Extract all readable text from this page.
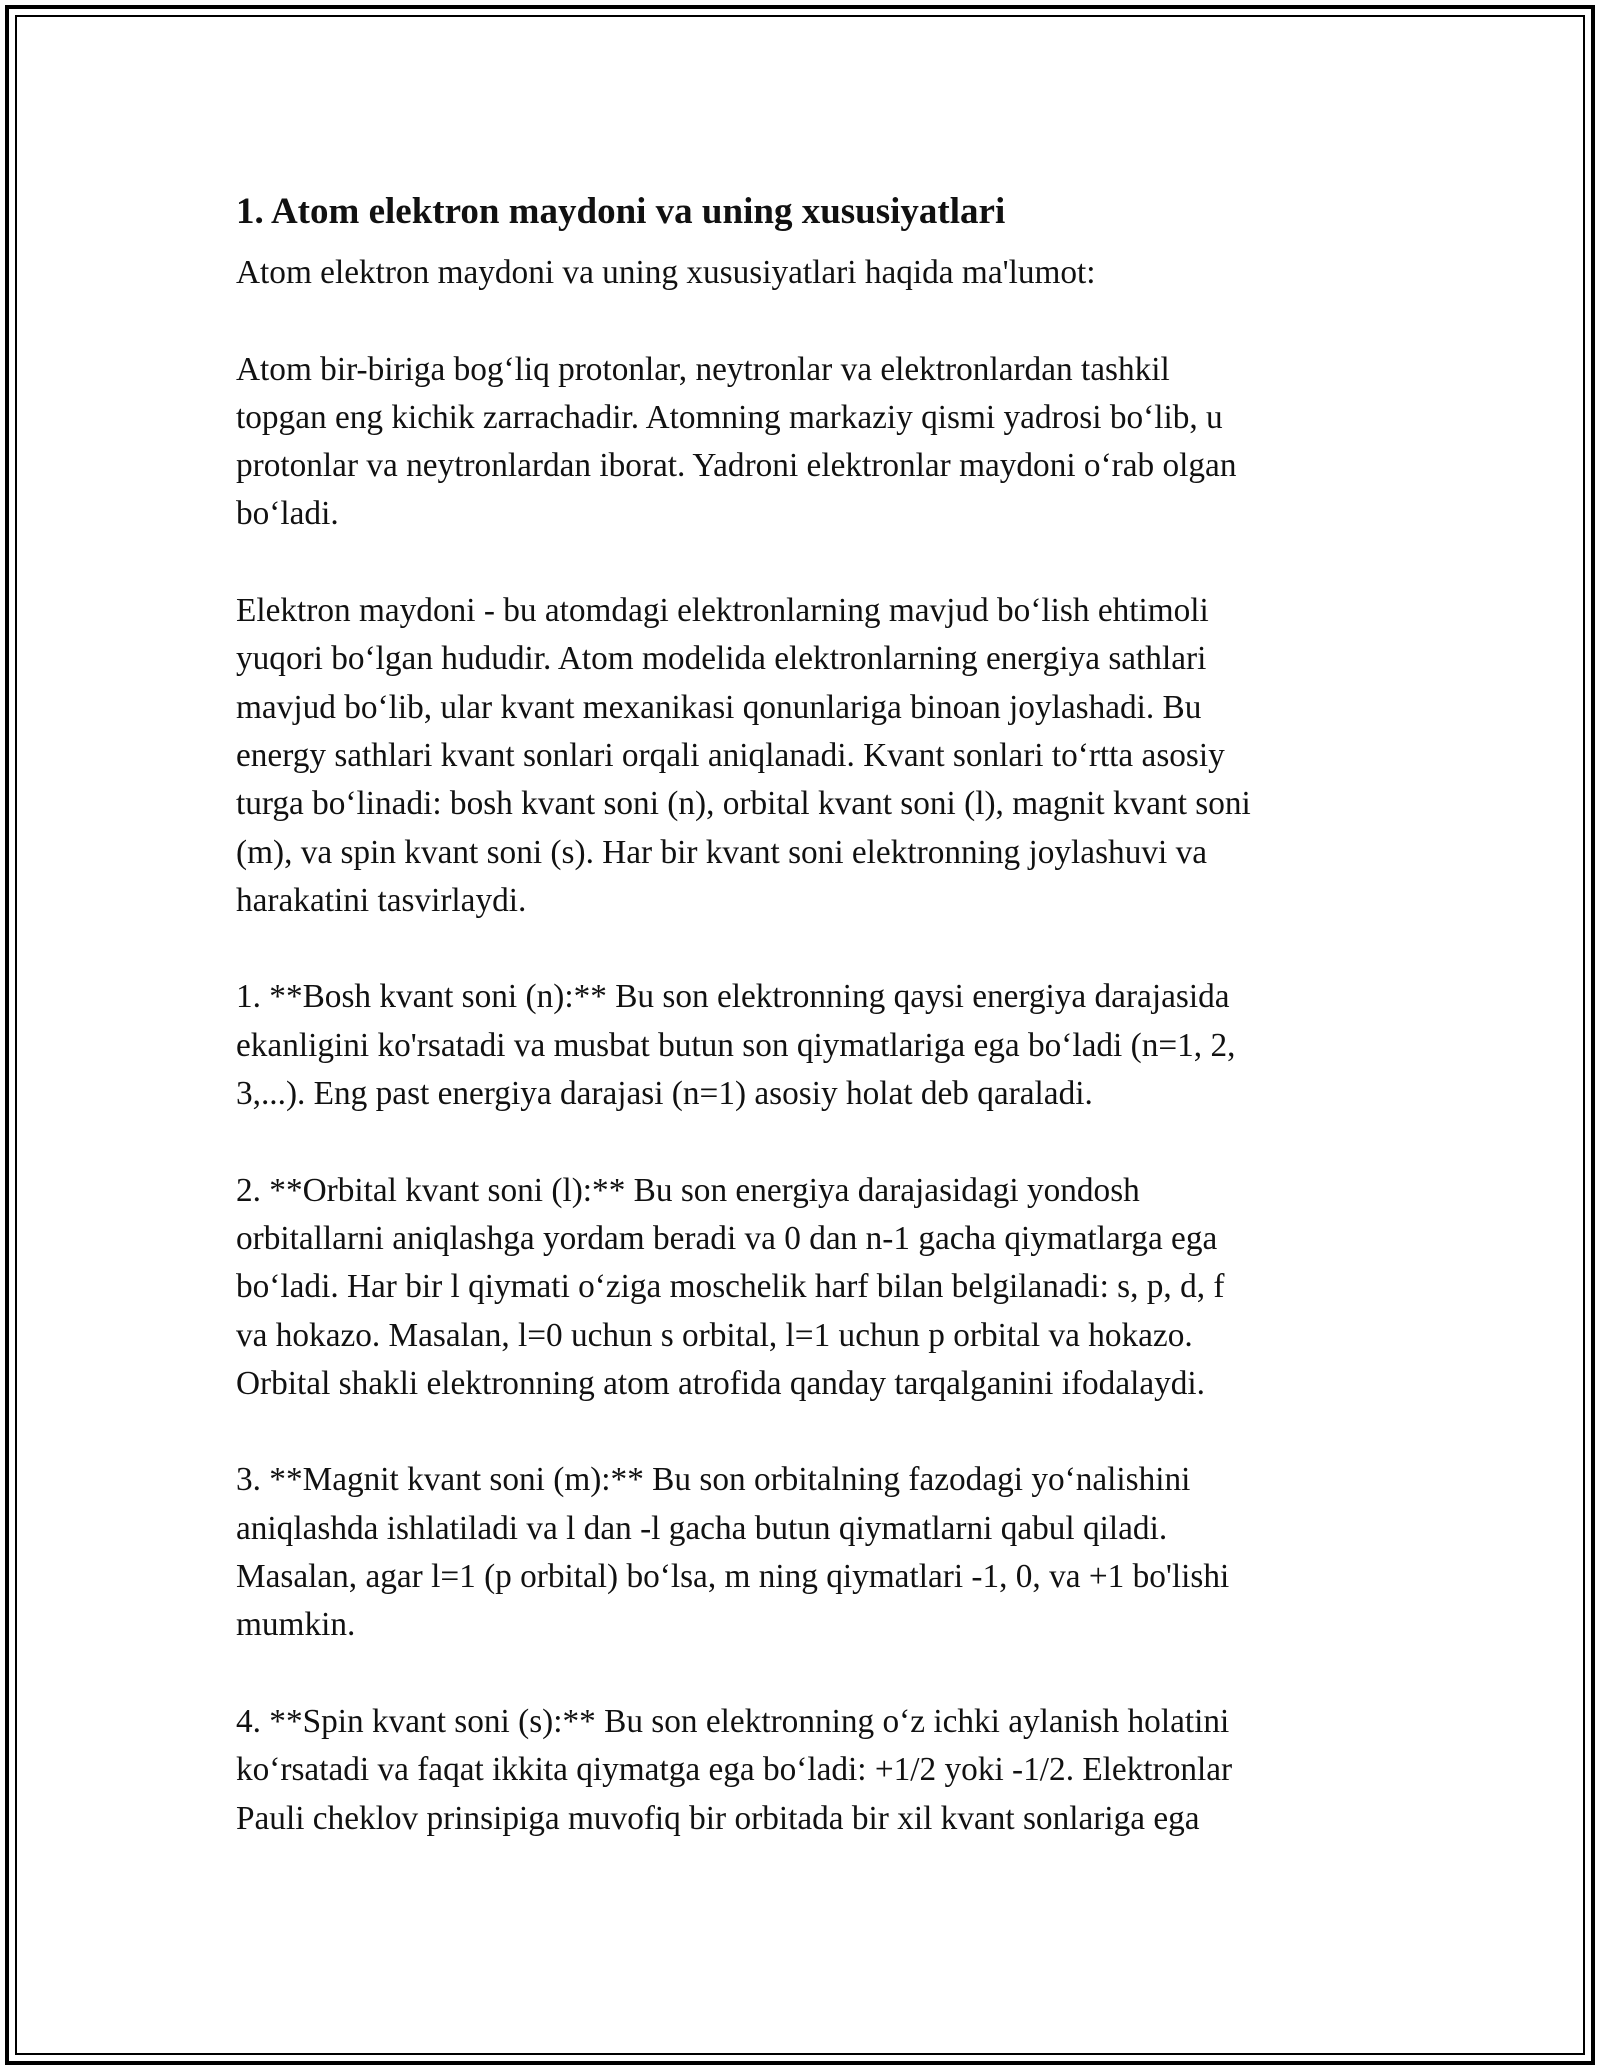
1. Atom elektron maydoni va uning xususiyatlari
Atom elektron maydoni va uning xususiyatlari haqida ma'lumot:
Atom bir-biriga bog‘liq protonlar, neytronlar va elektronlardan tashkil
topgan eng kichik zarrachadir. Atomning markaziy qismi yadrosi bo‘lib, u
protonlar va neytronlardan iborat. Yadroni elektronlar maydoni o‘rab olgan
bo‘ladi.
Elektron maydoni - bu atomdagi elektronlarning mavjud bo‘lish ehtimoli
yuqori bo‘lgan hududir. Atom modelida elektronlarning energiya sathlari
mavjud bo‘lib, ular kvant mexanikasi qonunlariga binoan joylashadi. Bu
energy sathlari kvant sonlari orqali aniqlanadi. Kvant sonlari to‘rtta asosiy
turga bo‘linadi: bosh kvant soni (n), orbital kvant soni (l), magnit kvant soni
(m), va spin kvant soni (s). Har bir kvant soni elektronning joylashuvi va
harakatini tasvirlaydi.
1. **Bosh kvant soni (n):** Bu son elektronning qaysi energiya darajasida
ekanligini ko'rsatadi va musbat butun son qiymatlariga ega bo‘ladi (n=1, 2,
3,...). Eng past energiya darajasi (n=1) asosiy holat deb qaraladi.
2. **Orbital kvant soni (l):** Bu son energiya darajasidagi yondosh
orbitallarni aniqlashga yordam beradi va 0 dan n-1 gacha qiymatlarga ega
bo‘ladi. Har bir l qiymati o‘ziga moschelik harf bilan belgilanadi: s, p, d, f
va hokazo. Masalan, l=0 uchun s orbital, l=1 uchun p orbital va hokazo.
Orbital shakli elektronning atom atrofida qanday tarqalganini ifodalaydi.
3. **Magnit kvant soni (m):** Bu son orbitalning fazodagi yo‘nalishini
aniqlashda ishlatiladi va l dan -l gacha butun qiymatlarni qabul qiladi.
Masalan, agar l=1 (p orbital) bo‘lsa, m ning qiymatlari -1, 0, va +1 bo'lishi
mumkin.
4. **Spin kvant soni (s):** Bu son elektronning o‘z ichki aylanish holatini
ko‘rsatadi va faqat ikkita qiymatga ega bo‘ladi: +1/2 yoki -1/2. Elektronlar
Pauli cheklov prinsipiga muvofiq bir orbitada bir xil kvant sonlariga ega
